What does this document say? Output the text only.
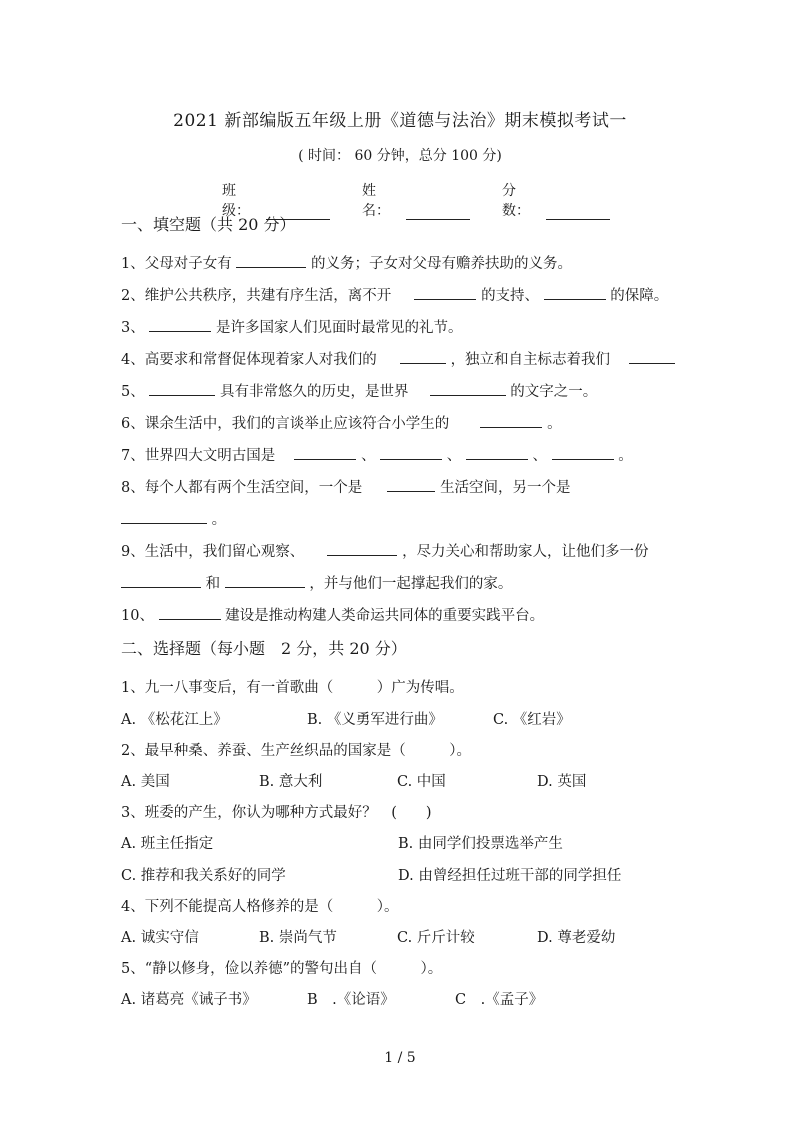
2021 新部编版五年级上册《道德与法治》期末模拟考试一
( 时间： 60 分钟，总分 100 分)
班级：
姓名：
分数：
一、填空题（共 20 分）
1、父母对子女有	的义务；子女对父母有赡养扶助的义务。
2、维护公共秩序，共建有序生活，离不开	的支持、	的保障。
3、	是许多国家人们见面时最常见的礼节。
4、高要求和常督促体现着家人对我们的	，独立和自主标志着我们
5、	具有非常悠久的历史，是世界	的文字之一。
6、课余生活中，我们的言谈举止应该符合小学生的	。
7、世界四大文明古国是	、	、	、	。
8、每个人都有两个生活空间，一个是	生活空间，另一个是
。
9、生活中，我们留心观察、	，尽力关心和帮助家人，让他们多一份
和	，并与他们一起撑起我们的家。
10、	建设是推动构建人类命运共同体的重要实践平台。
二、选择题（每小题　2 分，共 20 分）
1、九一八事变后，有一首歌曲（　　　）广为传唱。
A. 《松花江上》	B. 《义勇军进行曲》	C. 《红岩》
2、最早种桑、养蚕、生产丝织品的国家是（　　　）。
A. 美国	B. 意大利	C. 中国	D. 英国
3、班委的产生，你认为哪种方式最好？　(　　)
A. 班主任指定	B. 由同学们投票选举产生
C. 推荐和我关系好的同学	D. 由曾经担任过班干部的同学担任
4、下列不能提高人格修养的是（　　　）。
A. 诚实守信	B. 崇尚气节	C. 斤斤计较	D. 尊老爱幼
5、“静以修身，俭以养德”的警句出自（　　　）。
A. 诸葛亮《诫子书》	B　.《论语》	C　.《孟子》
1 / 5
